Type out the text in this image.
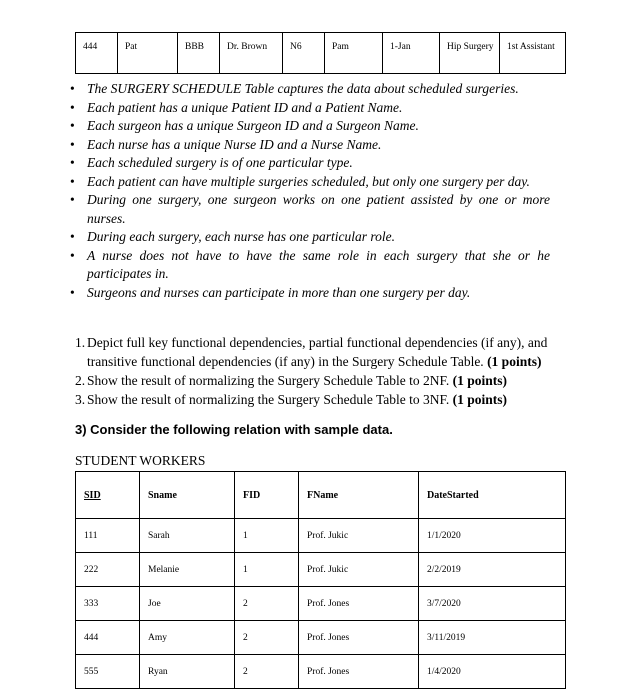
444	Pat	BBB	Dr. Brown	N6	Pam	1-Jan	Hip Surgery	1st Assistant
• The SURGERY SCHEDULE Table captures the data about scheduled surgeries.
• Each patient has a unique Patient ID and a Patient Name.
• Each surgeon has a unique Surgeon ID and a Surgeon Name.
• Each nurse has a unique Nurse ID and a Nurse Name.
• Each scheduled surgery is of one particular type.
• Each patient can have multiple surgeries scheduled, but only one surgery per day.
• During one surgery, one surgeon works on one patient assisted by one or more nurses.
• During each surgery, each nurse has one particular role.
• A nurse does not have to have the same role in each surgery that she or he participates in.
• Surgeons and nurses can participate in more than one surgery per day.
1. Depict full key functional dependencies, partial functional dependencies (if any), and transitive functional dependencies (if any) in the Surgery Schedule Table. (1 points)
2. Show the result of normalizing the Surgery Schedule Table to 2NF. (1 points)
3. Show the result of normalizing the Surgery Schedule Table to 3NF. (1 points)

3) Consider the following relation with sample data.

STUDENT WORKERS

SID	Sname	FID	FName	DateStarted
111	Sarah	1	Prof. Jukic	1/1/2020
222	Melanie	1	Prof. Jukic	2/2/2019
333	Joe	2	Prof. Jones	3/7/2020
444	Amy	2	Prof. Jones	3/11/2019
555	Ryan	2	Prof. Jones	1/4/2020
